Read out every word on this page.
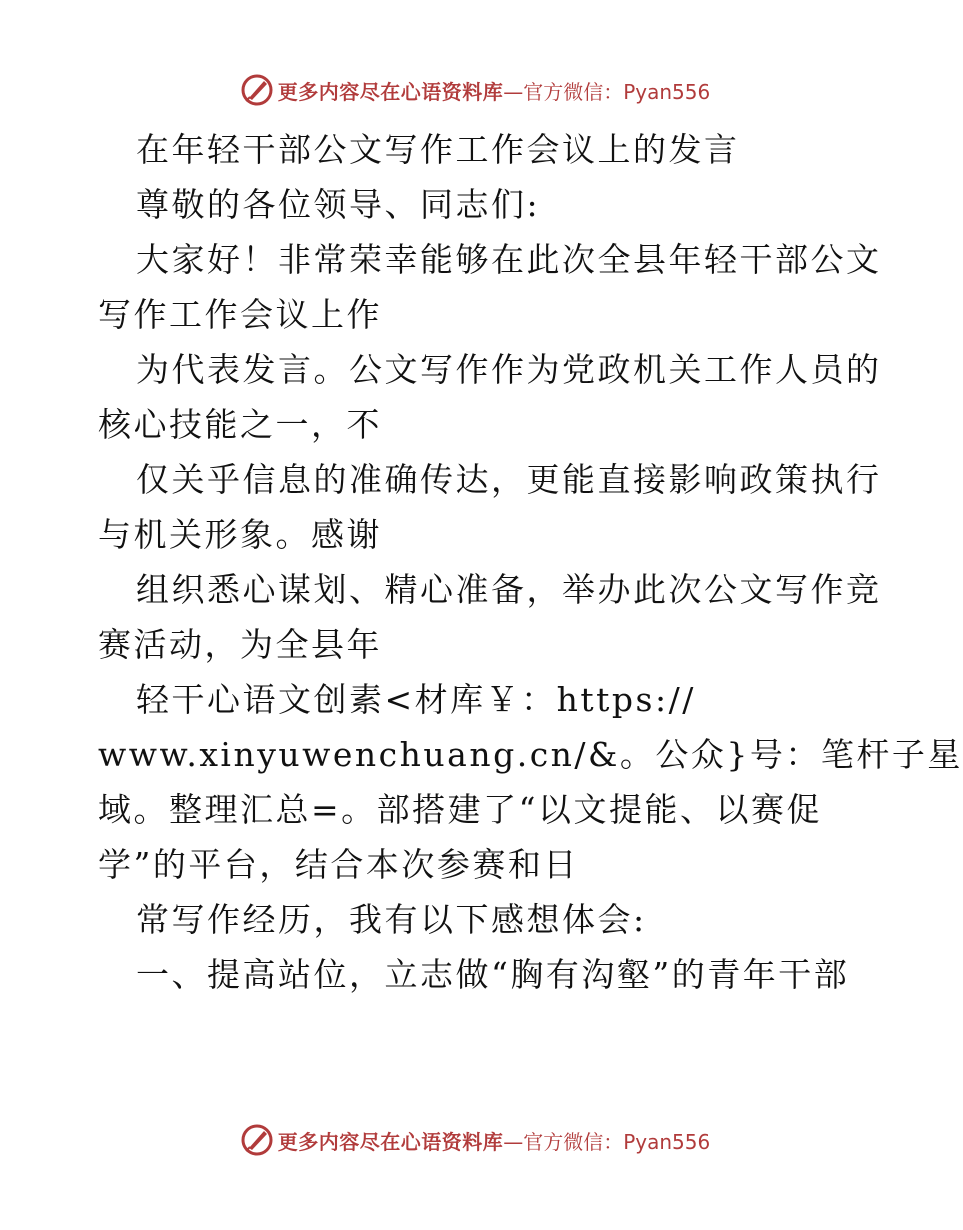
更多内容尽在心语资料库 —官方微信：Pyan556
在年轻干部公文写作工作会议上的发言
尊敬的各位领导、同志们:
大家好！非常荣幸能够在此次全县年轻干部公文
写作工作会议上作
为代表发言。公文写作作为党政机关工作人员的
核心技能之一，不
仅关乎信息的准确传达，更能直接影响政策执行
与机关形象。感谢
组织悉心谋划、精心准备，举办此次公文写作竞
赛活动，为全县年
轻干心语文创素<材库￥：https://
www.xinyuwenchuang.cn/&。公众}号：笔杆子星
域。整理汇总=。部搭建了“以文提能、以赛促
学”的平台，结合本次参赛和日
常写作经历，我有以下感想体会:
一、提高站位，立志做“胸有沟壑”的青年干部
更多内容尽在心语资料库 —官方微信：Pyan556
